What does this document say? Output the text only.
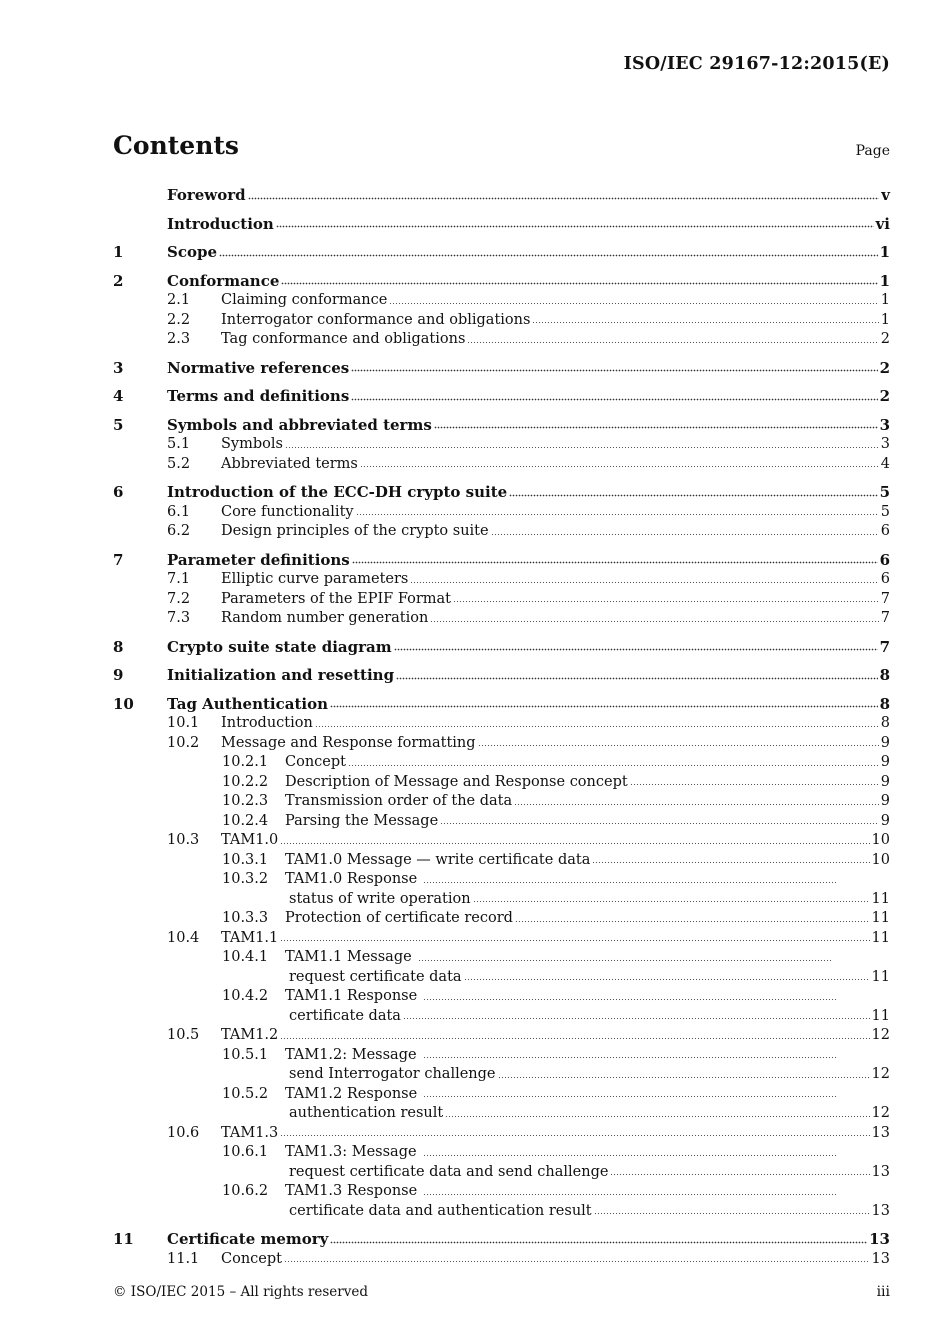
ISO/IEC 29167-12:2015(E)
Contents	Page
Foreword	v
Introduction	vi
1	Scope	1
2	Conformance	1
2.1	Claiming conformance	1
2.2	Interrogator conformance and obligations	1
2.3	Tag conformance and obligations	2
3	Normative references	2
4	Terms and definitions	2
5	Symbols and abbreviated terms	3
5.1	Symbols	3
5.2	Abbreviated terms	4
6	Introduction of the ECC-DH crypto suite	5
6.1	Core functionality	5
6.2	Design principles of the crypto suite	6
7	Parameter definitions	6
7.1	Elliptic curve parameters	6
7.2	Parameters of the EPIF Format	7
7.3	Random number generation	7
8	Crypto suite state diagram	7
9	Initialization and resetting	8
10	Tag Authentication	8
10.1	Introduction	8
10.2	Message and Response formatting	9
10.2.1	Concept	9
10.2.2	Description of Message and Response concept	9
10.2.3	Transmission order of the data	9
10.2.4	Parsing the Message	9
10.3	TAM1.0	10
10.3.1	TAM1.0 Message — write certificate data	10
10.3.2	TAM1.0 Response
status of write operation	11
10.3.3	Protection of certificate record	11
10.4	TAM1.1	11
10.4.1	TAM1.1 Message
request certificate data	11
10.4.2	TAM1.1 Response
certificate data	11
10.5	TAM1.2	12
10.5.1	TAM1.2: Message
send Interrogator challenge	12
10.5.2	TAM1.2 Response
authentication result	12
10.6	TAM1.3	13
10.6.1	TAM1.3: Message
request certificate data and send challenge	13
10.6.2	TAM1.3 Response
certificate data and authentication result	13
11	Certificate memory	13
11.1	Concept	13
© ISO/IEC 2015 – All rights reserved	iii
